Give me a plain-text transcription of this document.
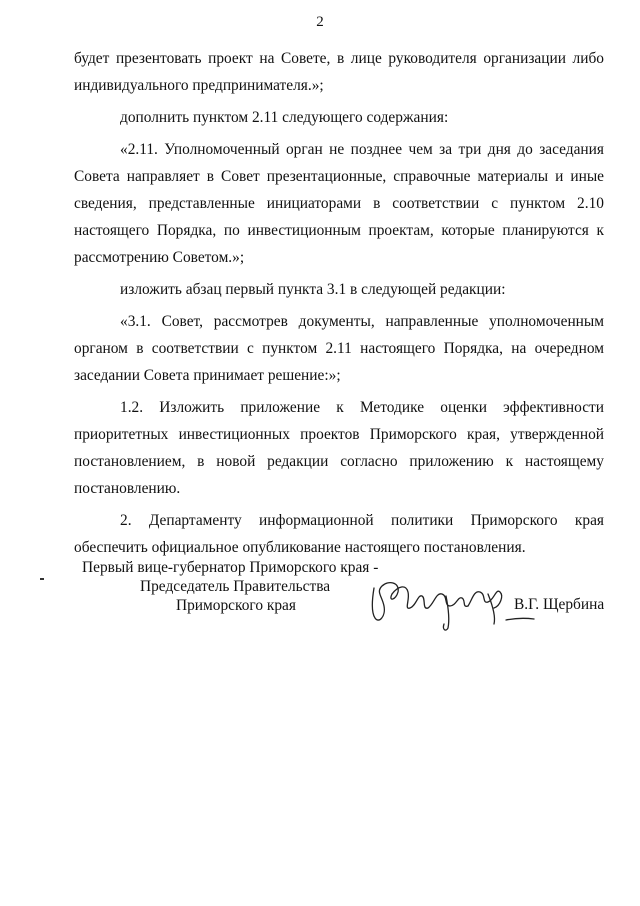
2

будет презентовать проект на Совете, в лице руководителя организации либо индивидуального предпринимателя.»;

дополнить пунктом 2.11 следующего содержания:

«2.11. Уполномоченный орган не позднее чем за три дня до заседания Совета направляет в Совет презентационные, справочные материалы и иные сведения, представленные инициаторами в соответствии с пунктом 2.10 настоящего Порядка, по инвестиционным проектам, которые планируются к рассмотрению Советом.»;

изложить абзац первый пункта 3.1 в следующей редакции:

«3.1. Совет, рассмотрев документы, направленные уполномоченным органом в соответствии с пунктом 2.11 настоящего Порядка, на очередном заседании Совета принимает решение:»;

1.2. Изложить приложение к Методике оценки эффективности приоритетных инвестиционных проектов Приморского края, утвержденной постановлением, в новой редакции согласно приложению к настоящему постановлению.

2. Департаменту информационной политики Приморского края обеспечить официальное опубликование настоящего постановления.

Первый вице-губернатор Приморского края -
Председатель Правительства
Приморского края	В.Г. Щербина
